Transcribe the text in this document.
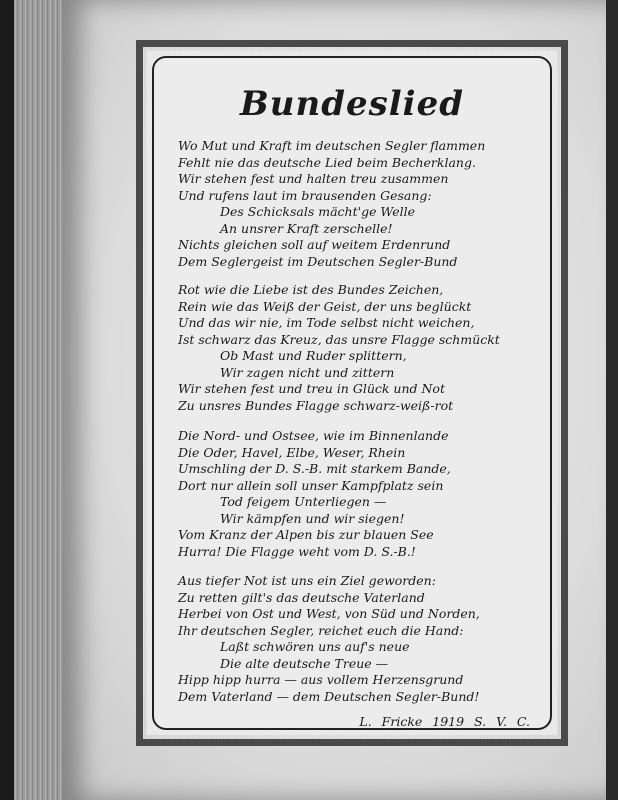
Bundeslied
Wo Mut und Kraft im deutschen Segler flammen
Fehlt nie das deutsche Lied beim Becherklang.
Wir stehen fest und halten treu zusammen
Und rufens laut im brausenden Gesang:
Des Schicksals mächt'ge Welle
An unsrer Kraft zerschelle!
Nichts gleichen soll auf weitem Erdenrund
Dem Seglergeist im Deutschen Segler-Bund
Rot wie die Liebe ist des Bundes Zeichen,
Rein wie das Weiß der Geist, der uns beglückt
Und das wir nie, im Tode selbst nicht weichen,
Ist schwarz das Kreuz, das unsre Flagge schmückt
Ob Mast und Ruder splittern,
Wir zagen nicht und zittern
Wir stehen fest und treu in Glück und Not
Zu unsres Bundes Flagge schwarz-weiß-rot
Die Nord- und Ostsee, wie im Binnenlande
Die Oder, Havel, Elbe, Weser, Rhein
Umschling der D. S.-B. mit starkem Bande,
Dort nur allein soll unser Kampfplatz sein
Tod feigem Unterliegen —
Wir kämpfen und wir siegen!
Vom Kranz der Alpen bis zur blauen See
Hurra! Die Flagge weht vom D. S.-B.!
Aus tiefer Not ist uns ein Ziel geworden:
Zu retten gilt's das deutsche Vaterland
Herbei von Ost und West, von Süd und Norden,
Ihr deutschen Segler, reichet euch die Hand:
Laßt schwören uns auf's neue
Die alte deutsche Treue —
Hipp hipp hurra — aus vollem Herzensgrund
Dem Vaterland — dem Deutschen Segler-Bund!
L. Fricke 1919 S. V. C.
